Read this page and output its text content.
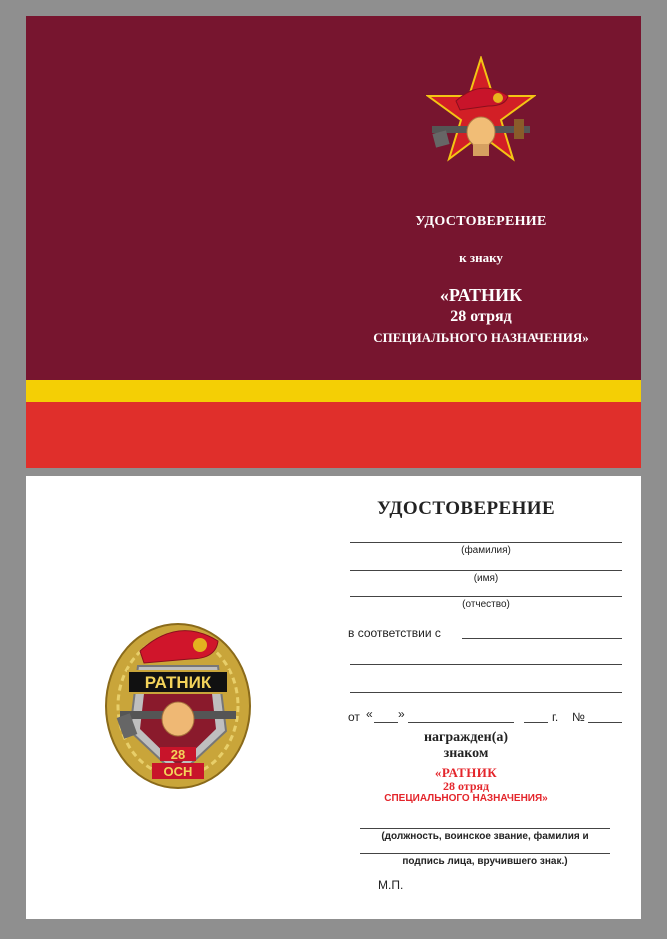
УДОСТОВЕРЕНИЕ
к знаку
«РАТНИК
28 отряд
СПЕЦИАЛЬНОГО НАЗНАЧЕНИЯ»
РАТНИК
28
ОСН
УДОСТОВЕРЕНИЕ
(фамилия)
(имя)
(отчество)
в соответствии с
от « »	г. №
награжден(а)
знаком
«РАТНИК
28 отряд
СПЕЦИАЛЬНОГО НАЗНАЧЕНИЯ»
(должность, воинское звание, фамилия и
подпись лица, вручившего знак.)
М.П.
